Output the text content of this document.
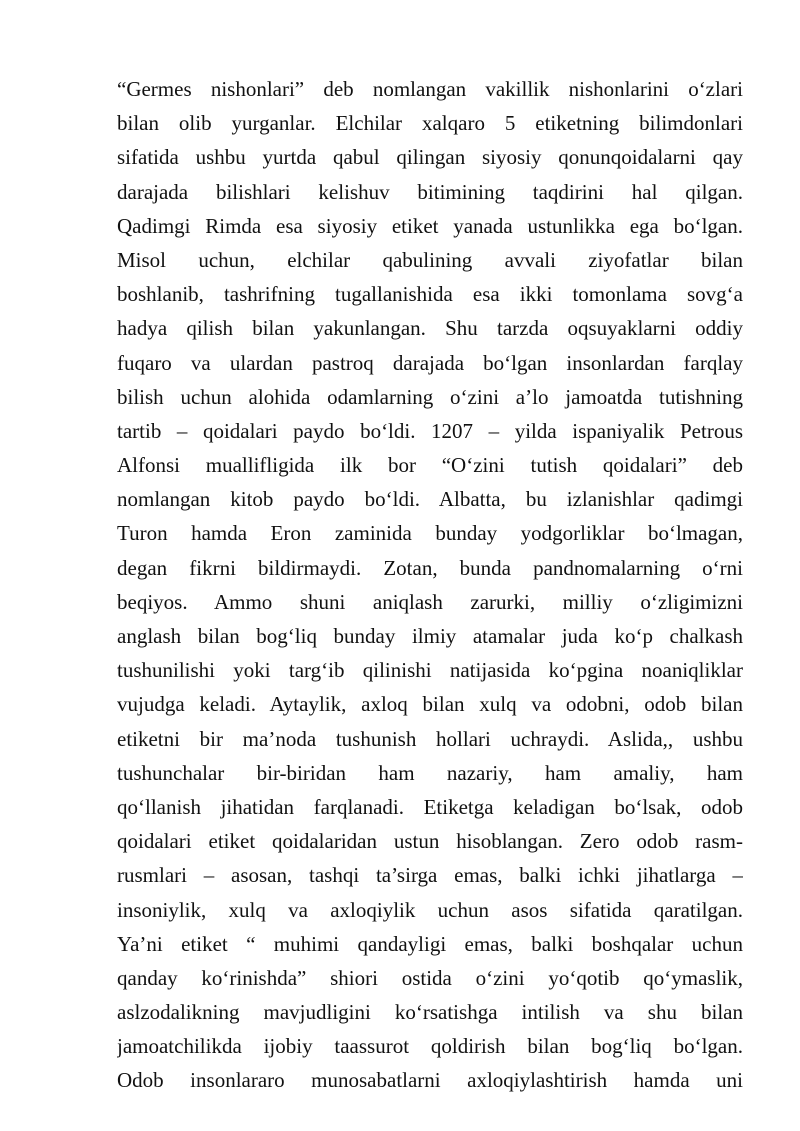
“Germes nishonlari” deb nomlangan vakillik nishonlarini o‘zlari
bilan olib yurganlar. Elchilar xalqaro 5 etiketning bilimdonlari
sifatida ushbu yurtda qabul qilingan siyosiy qonunqoidalarni qay
darajada bilishlari kelishuv bitimining taqdirini hal qilgan.
Qadimgi Rimda esa siyosiy etiket yanada ustunlikka ega bo‘lgan.
Misol uchun, elchilar qabulining avvali ziyofatlar bilan
boshlanib, tashrifning tugallanishida esa ikki tomonlama sovg‘a
hadya qilish bilan yakunlangan. Shu tarzda oqsuyaklarni oddiy
fuqaro va ulardan pastroq darajada bo‘lgan insonlardan farqlay
bilish uchun alohida odamlarning o‘zini a’lo jamoatda tutishning
tartib – qoidalari paydo bo‘ldi. 1207 – yilda ispaniyalik Petrous
Alfonsi muallifligida ilk bor “O‘zini tutish qoidalari” deb
nomlangan kitob paydo bo‘ldi. Albatta, bu izlanishlar qadimgi
Turon hamda Eron zaminida bunday yodgorliklar bo‘lmagan,
degan fikrni bildirmaydi. Zotan, bunda pandnomalarning o‘rni
beqiyos. Ammo shuni aniqlash zarurki, milliy o‘zligimizni
anglash bilan bog‘liq bunday ilmiy atamalar juda ko‘p chalkash
tushunilishi yoki targ‘ib qilinishi natijasida ko‘pgina noaniqliklar
vujudga keladi. Aytaylik, axloq bilan xulq va odobni, odob bilan
etiketni bir ma’noda tushunish hollari uchraydi. Aslida,, ushbu
tushunchalar bir-biridan ham nazariy, ham amaliy, ham
qo‘llanish jihatidan farqlanadi. Etiketga keladigan bo‘lsak, odob
qoidalari etiket qoidalaridan ustun hisoblangan. Zero odob rasm-
rusmlari – asosan, tashqi ta’sirga emas, balki ichki jihatlarga –
insoniylik, xulq va axloqiylik uchun asos sifatida qaratilgan.
Ya’ni etiket “ muhimi qandayligi emas, balki boshqalar uchun
qanday ko‘rinishda” shiori ostida o‘zini yo‘qotib qo‘ymaslik,
aslzodalikning mavjudligini ko‘rsatishga intilish va shu bilan
jamoatchilikda ijobiy taassurot qoldirish bilan bog‘liq bo‘lgan.
Odob insonlararo munosabatlarni axloqiylashtirish hamda uni
